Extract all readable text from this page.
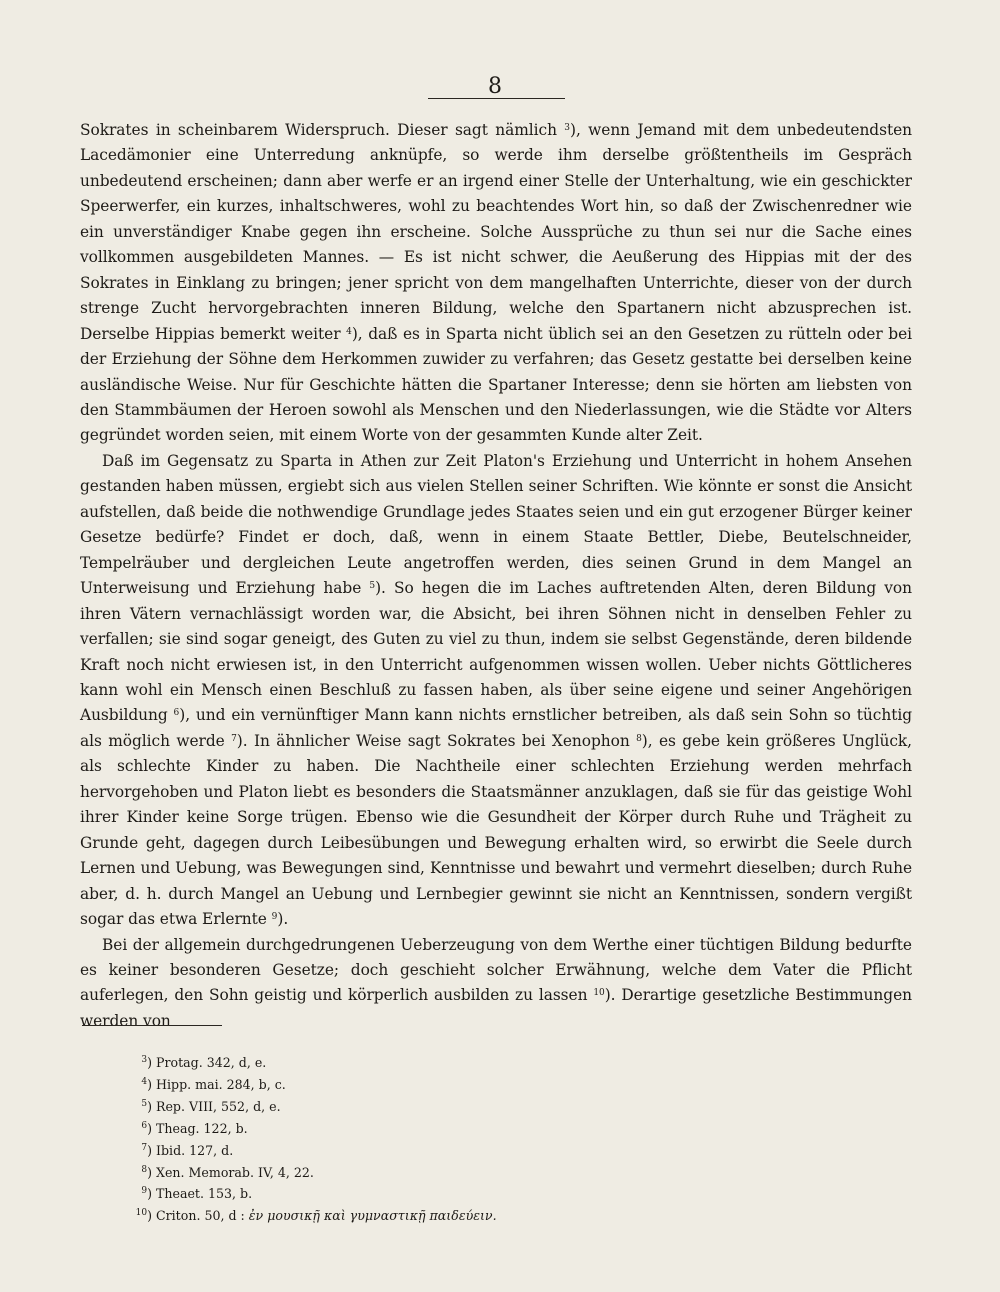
8

Sokrates in scheinbarem Widerspruch. Dieser sagt nämlich $^3$), wenn Jemand mit dem unbedeutendsten Lacedämonier eine Unterredung anknüpfe, so werde ihm derselbe größtentheils im Gespräch unbedeutend erscheinen; dann aber werfe er an irgend einer Stelle der Unterhaltung, wie ein geschickter Speerwerfer, ein kurzes, inhaltschweres, wohl zu beachtendes Wort hin, so daß der Zwischenredner wie ein unverständiger Knabe gegen ihn erscheine. Solche Aussprüche zu thun sei nur die Sache eines vollkommen ausgebildeten Mannes. — Es ist nicht schwer, die Aeußerung des Hippias mit der des Sokrates in Einklang zu bringen; jener spricht von dem mangelhaften Unterrichte, dieser von der durch strenge Zucht hervorgebrachten inneren Bildung, welche den Spartanern nicht abzusprechen ist. Derselbe Hippias bemerkt weiter $^4$), daß es in Sparta nicht üblich sei an den Gesetzen zu rütteln oder bei der Erziehung der Söhne dem Herkommen zuwider zu verfahren; das Gesetz gestatte bei derselben keine ausländische Weise. Nur für Geschichte hätten die Spartaner Interesse; denn sie hörten am liebsten von den Stammbäumen der Heroen sowohl als Menschen und den Niederlassungen, wie die Städte vor Alters gegründet worden seien, mit einem Worte von der gesammten Kunde alter Zeit.

Daß im Gegensatz zu Sparta in Athen zur Zeit Platon's Erziehung und Unterricht in hohem Ansehen gestanden haben müssen, ergiebt sich aus vielen Stellen seiner Schriften. Wie könnte er sonst die Ansicht aufstellen, daß beide die nothwendige Grundlage jedes Staates seien und ein gut erzogener Bürger keiner Gesetze bedürfe? Findet er doch, daß, wenn in einem Staate Bettler, Diebe, Beutelschneider, Tempelräuber und dergleichen Leute angetroffen werden, dies seinen Grund in dem Mangel an Unterweisung und Erziehung habe $^5$). So hegen die im Laches auftretenden Alten, deren Bildung von ihren Vätern vernachlässigt worden war, die Absicht, bei ihren Söhnen nicht in denselben Fehler zu verfallen; sie sind sogar geneigt, des Guten zu viel zu thun, indem sie selbst Gegenstände, deren bildende Kraft noch nicht erwiesen ist, in den Unterricht aufgenommen wissen wollen. Ueber nichts Göttlicheres kann wohl ein Mensch einen Beschluß zu fassen haben, als über seine eigene und seiner Angehörigen Ausbildung $^6$), und ein vernünftiger Mann kann nichts ernstlicher betreiben, als daß sein Sohn so tüchtig als möglich werde $^7$). In ähnlicher Weise sagt Sokrates bei Xenophon $^8$), es gebe kein größeres Unglück, als schlechte Kinder zu haben. Die Nachtheile einer schlechten Erziehung werden mehrfach hervorgehoben und Platon liebt es besonders die Staatsmänner anzuklagen, daß sie für das geistige Wohl ihrer Kinder keine Sorge trügen. Ebenso wie die Gesundheit der Körper durch Ruhe und Trägheit zu Grunde geht, dagegen durch Leibesübungen und Bewegung erhalten wird, so erwirbt die Seele durch Lernen und Uebung, was Bewegungen sind, Kenntnisse und bewahrt und vermehrt dieselben; durch Ruhe aber, d. h. durch Mangel an Uebung und Lernbegier gewinnt sie nicht an Kenntnissen, sondern vergißt sogar das etwa Erlernte $^9$).

Bei der allgemein durchgedrungenen Ueberzeugung von dem Werthe einer tüchtigen Bildung bedurfte es keiner besonderen Gesetze; doch geschieht solcher Erwähnung, welche dem Vater die Pflicht auferlegen, den Sohn geistig und körperlich ausbilden zu lassen $^{10}$). Derartige gesetzliche Bestimmungen werden von

$^3$) Protag. 342, d, e.
$^4$) Hipp. mai. 284, b, c.
$^5$) Rep. VIII, 552, d, e.
$^6$) Theag. 122, b.
$^7$) Ibid. 127, d.
$^8$) Xen. Memorab. IV, 4, 22.
$^9$) Theaet. 153, b.
$^{10}$) Criton. 50, d : ἐν μουσικῇ καὶ γυμναστικῇ παιδεύειν.
